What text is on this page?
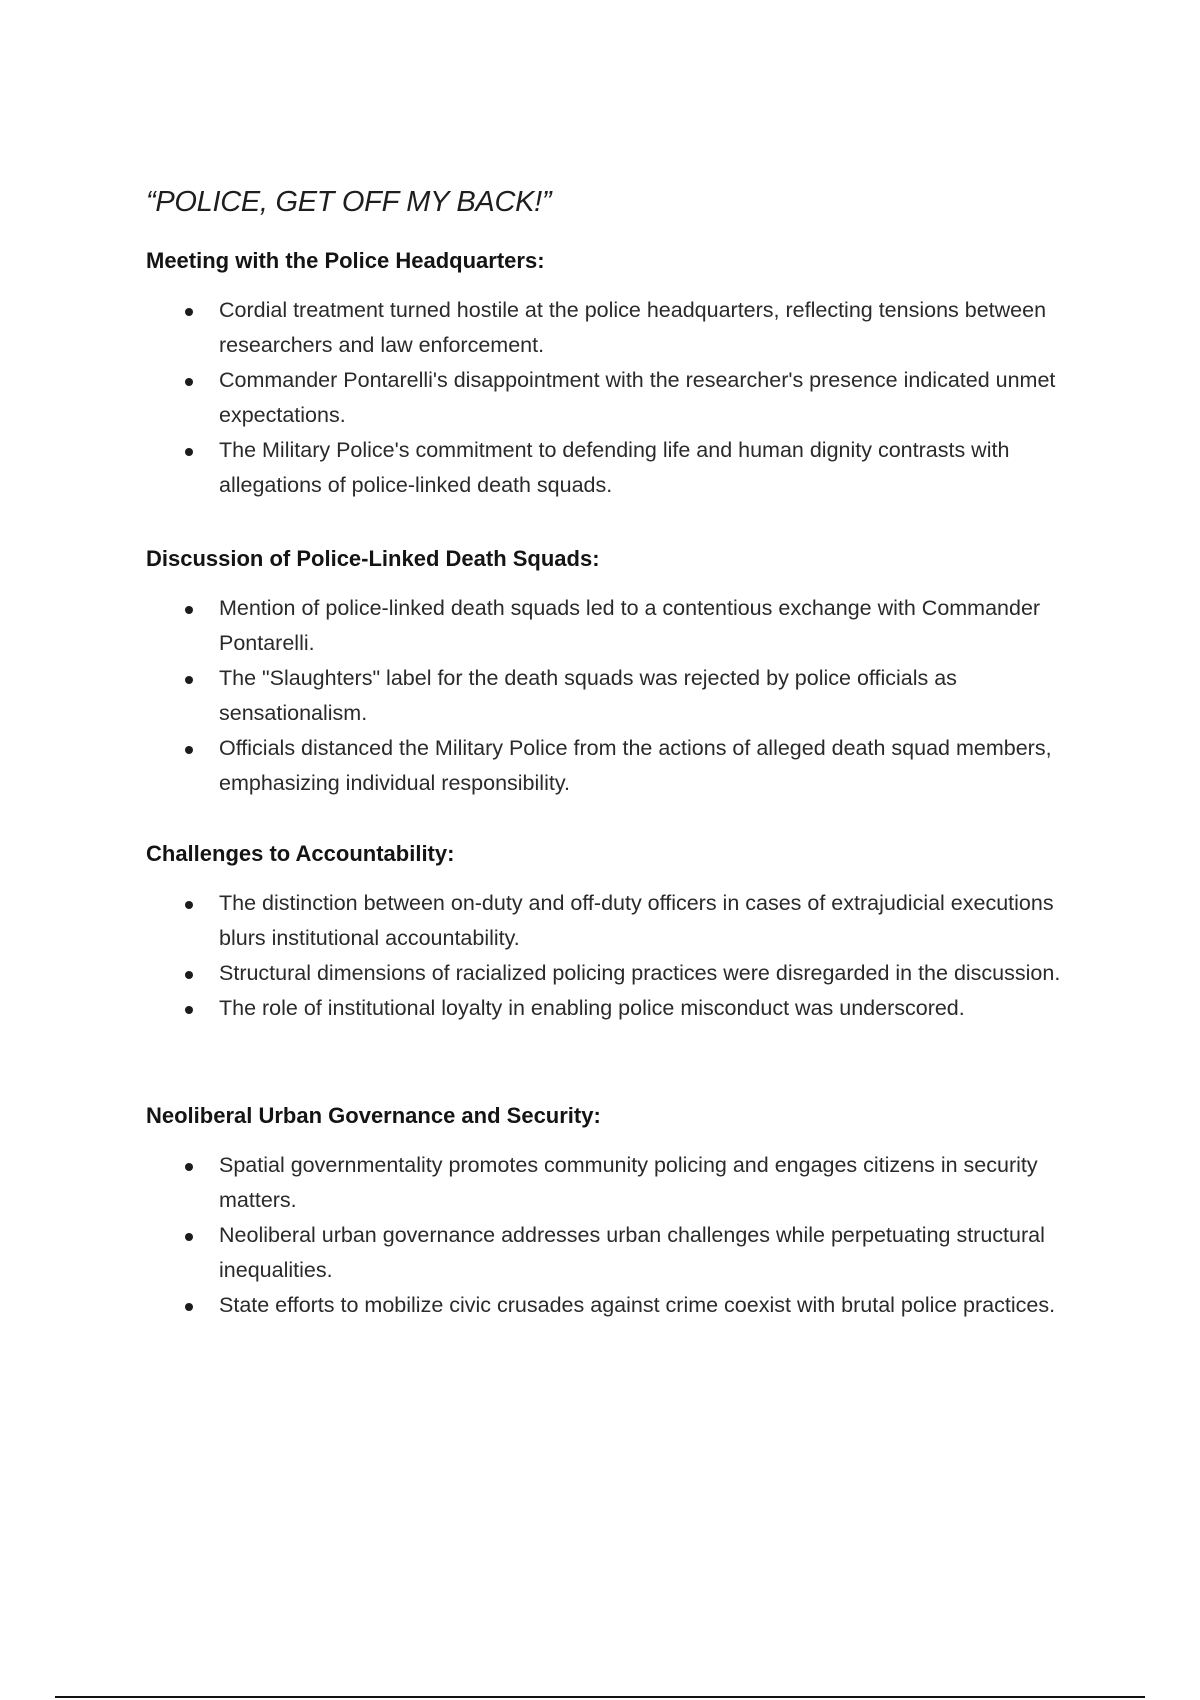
“POLICE, GET OFF MY BACK!”
Meeting with the Police Headquarters:
Cordial treatment turned hostile at the police headquarters, reflecting tensions between researchers and law enforcement.
Commander Pontarelli's disappointment with the researcher's presence indicated unmet expectations.
The Military Police's commitment to defending life and human dignity contrasts with allegations of police-linked death squads.
Discussion of Police-Linked Death Squads:
Mention of police-linked death squads led to a contentious exchange with Commander Pontarelli.
The "Slaughters" label for the death squads was rejected by police officials as sensationalism.
Officials distanced the Military Police from the actions of alleged death squad members, emphasizing individual responsibility.
Challenges to Accountability:
The distinction between on-duty and off-duty officers in cases of extrajudicial executions blurs institutional accountability.
Structural dimensions of racialized policing practices were disregarded in the discussion.
The role of institutional loyalty in enabling police misconduct was underscored.
Neoliberal Urban Governance and Security:
Spatial governmentality promotes community policing and engages citizens in security matters.
Neoliberal urban governance addresses urban challenges while perpetuating structural inequalities.
State efforts to mobilize civic crusades against crime coexist with brutal police practices.
